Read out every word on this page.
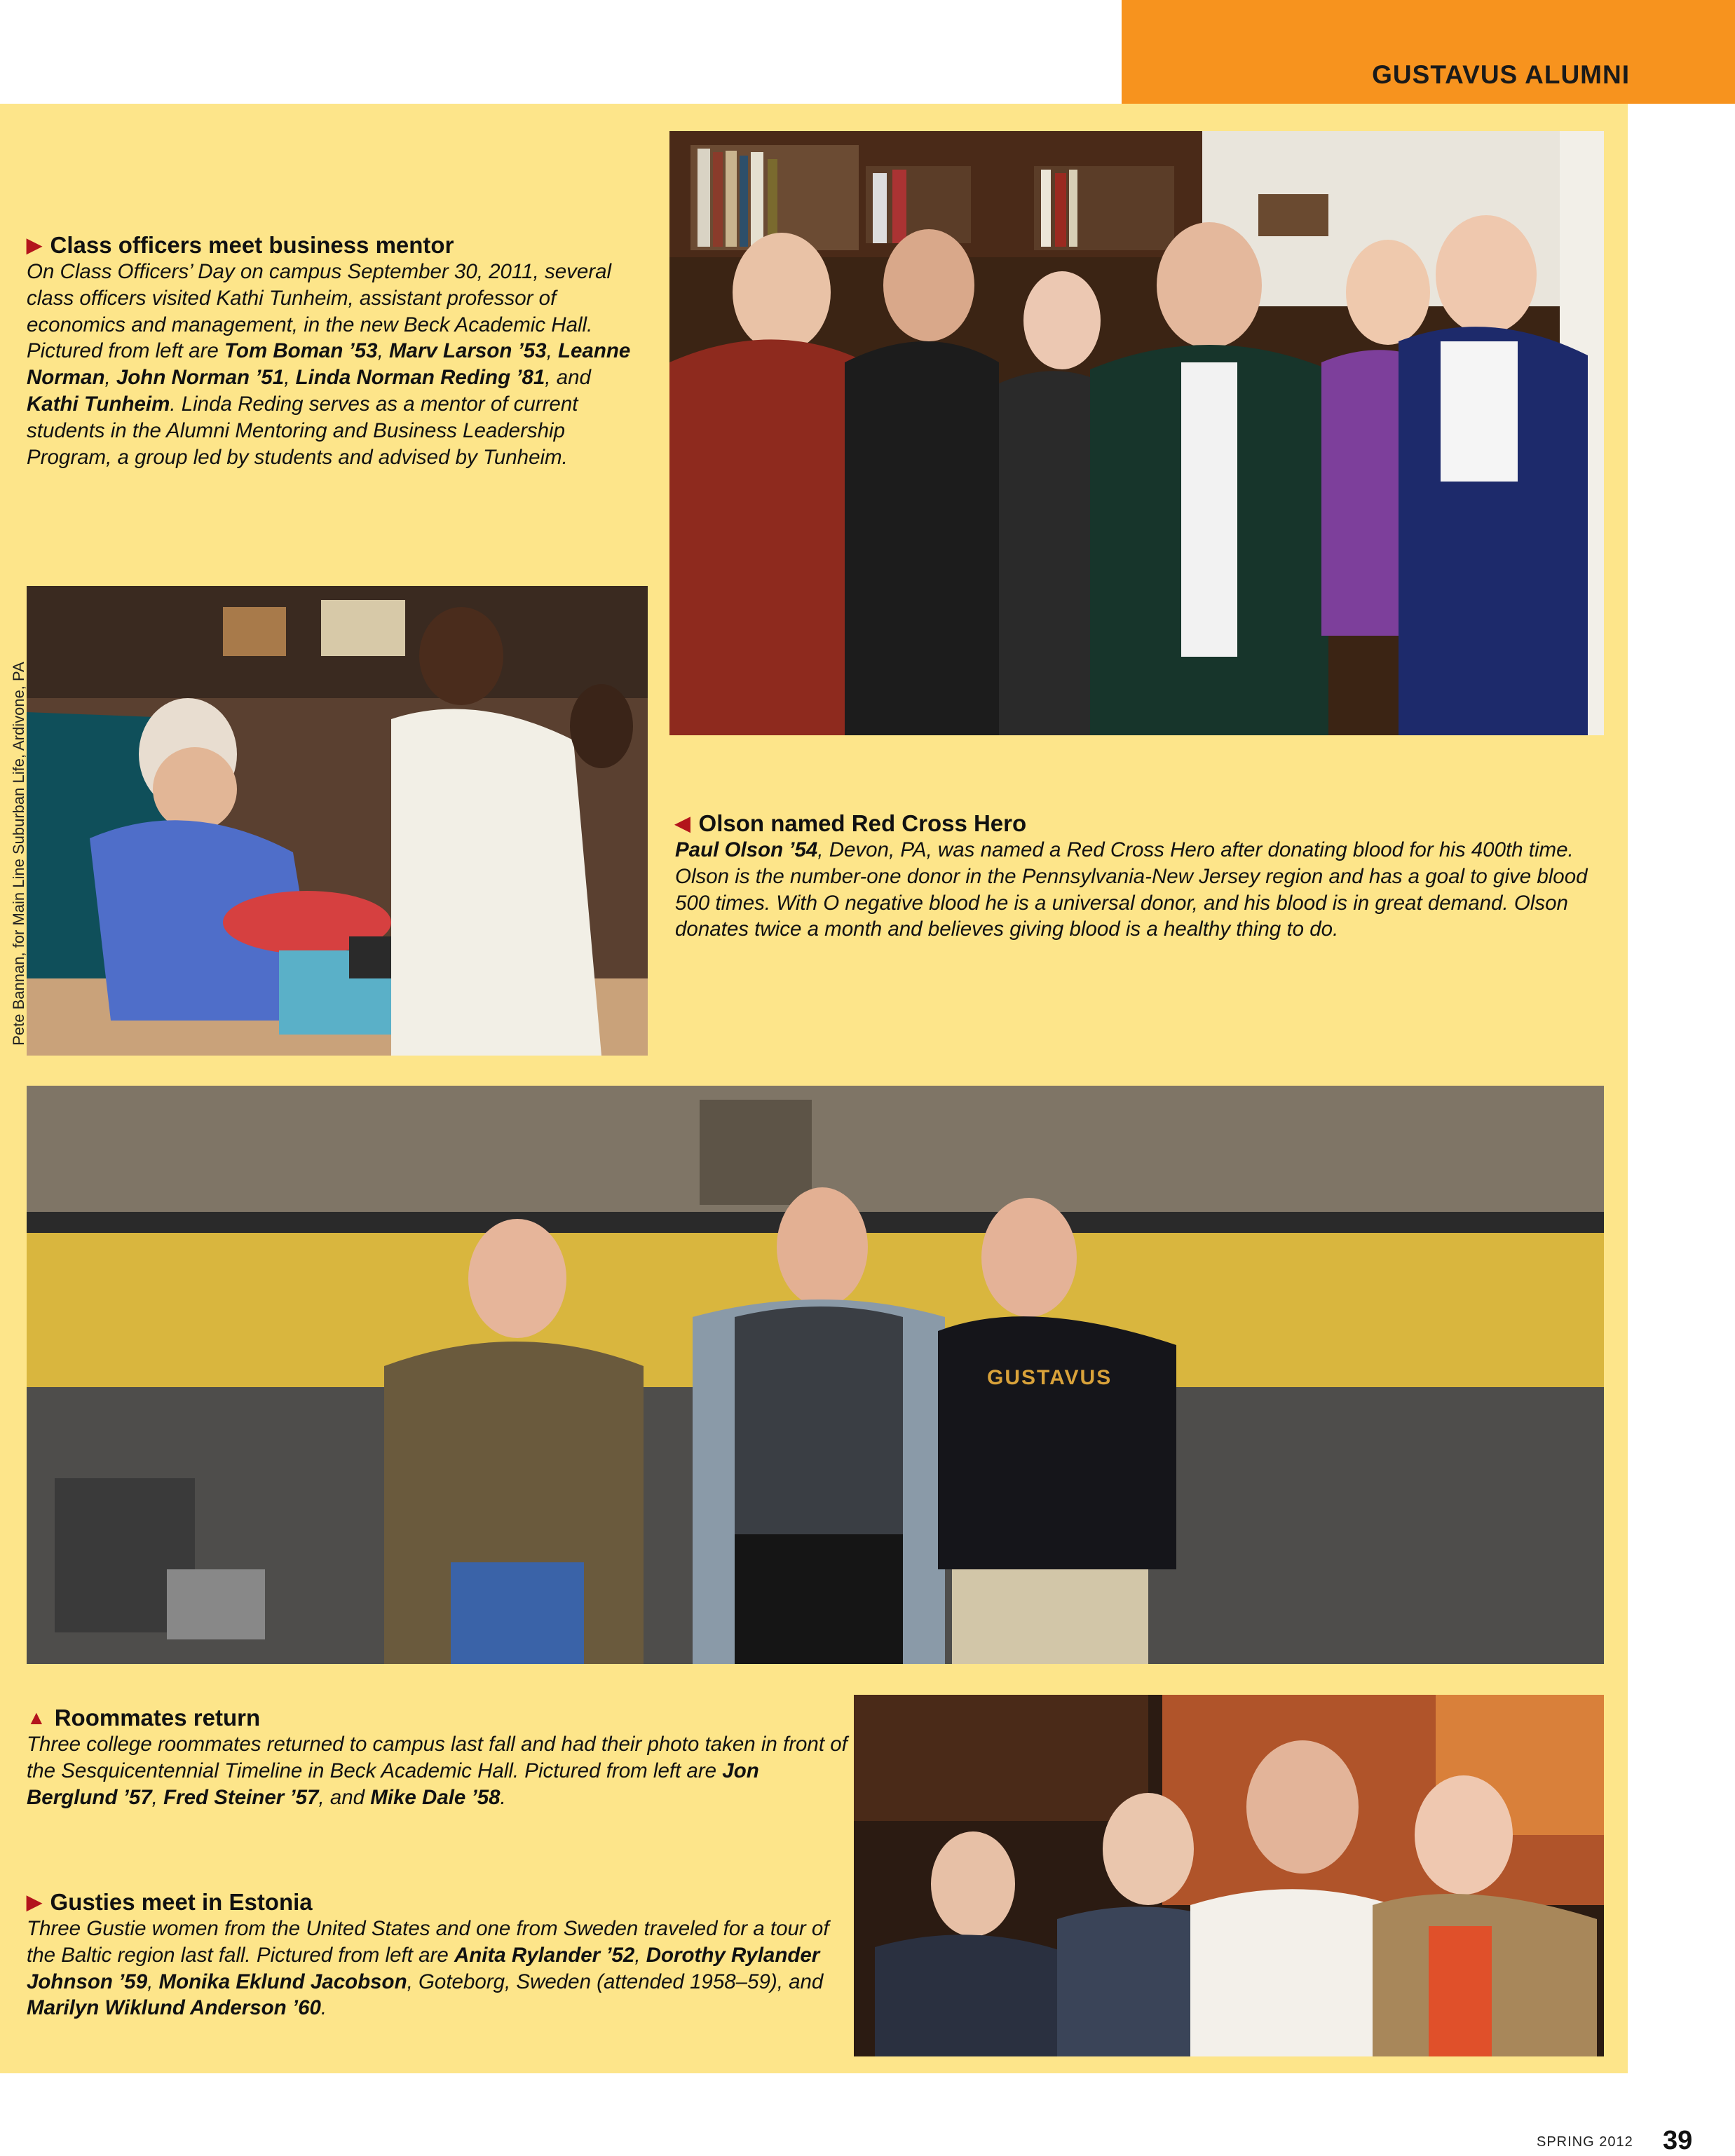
GUSTAVUS ALUMNI
▶ Class officers meet business mentor
On Class Officers’ Day on campus September 30, 2011, several class officers visited Kathi Tunheim, assistant professor of economics and management, in the new Beck Academic Hall. Pictured from left are Tom Boman ’53, Marv Larson ’53, Leanne Norman, John Norman ’51, Linda Norman Reding ’81, and Kathi Tunheim. Linda Reding serves as a mentor of current students in the Alumni Mentoring and Business Leadership Program, a group led by students and advised by Tunheim.
Pete Bannan, for Main Line Suburban Life, Ardivone, PA	◀ Olson named Red Cross Hero
Paul Olson ’54, Devon, PA, was named a Red Cross Hero after donating blood for his 400th time. Olson is the number-one donor in the Pennsylvania-New Jersey region and has a goal to give blood 500 times. With O negative blood he is a universal donor, and his blood is in great demand. Olson donates twice a month and believes giving blood is a healthy thing to do.
GUSTAVUS
▲ Roommates return
Three college roommates returned to campus last fall and had their photo taken in front of the Sesquicentennial Timeline in Beck Academic Hall. Pictured from left are Jon Berglund ’57, Fred Steiner ’57, and Mike Dale ’58.
▶ Gusties meet in Estonia
Three Gustie women from the United States and one from Sweden traveled for a tour of the Baltic region last fall. Pictured from left are Anita Rylander ’52, Dorothy Rylander Johnson ’59, Monika Eklund Jacobson, Goteborg, Sweden (attended 1958–59), and Marilyn Wiklund Anderson ’60.
SPRING 2012 39
